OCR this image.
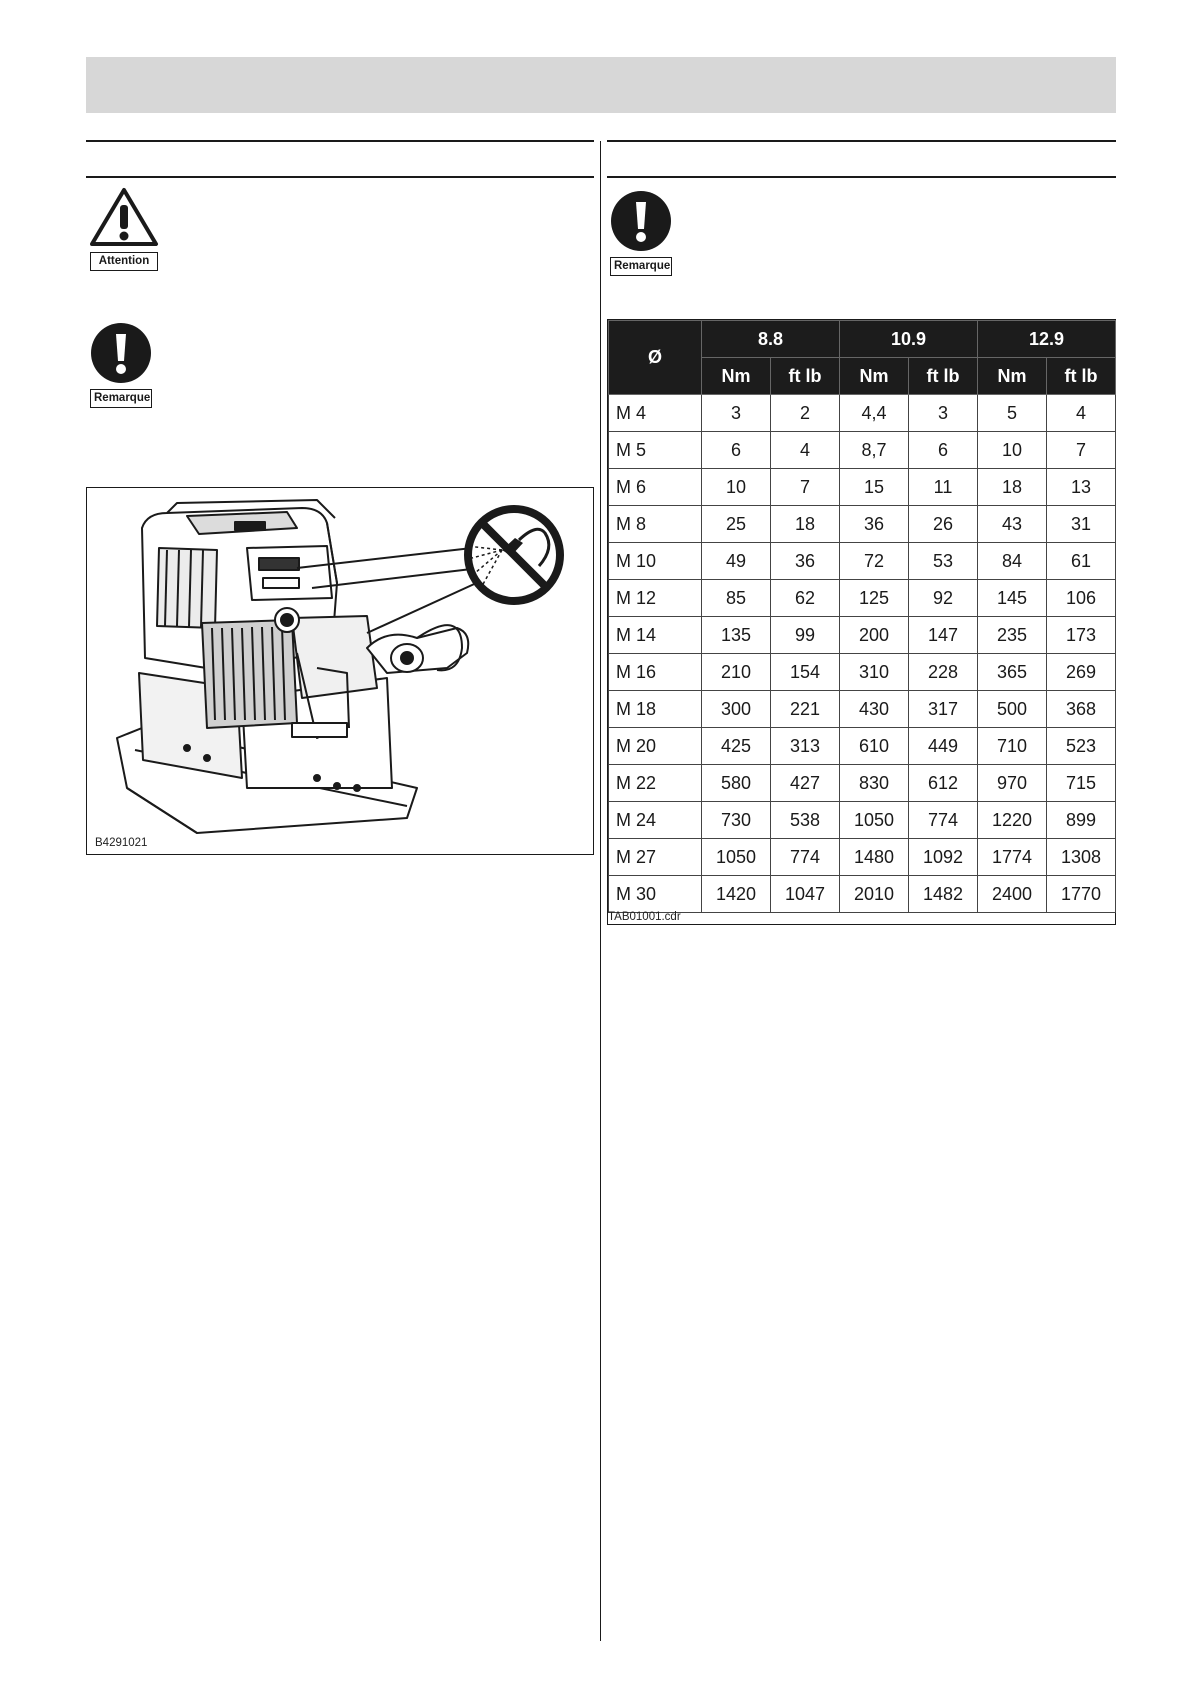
Attention
Remarque
Remarque
B4291021
Ø	8.8		10.9		12.9	
	Nm	ft lb	Nm	ft lb	Nm	ft lb
M 4	3	2	4,4	3	5	4
M 5	6	4	8,7	6	10	7
M 6	10	7	15	11	18	13
M 8	25	18	36	26	43	31
M 10	49	36	72	53	84	61
M 12	85	62	125	92	145	106
M 14	135	99	200	147	235	173
M 16	210	154	310	228	365	269
M 18	300	221	430	317	500	368
M 20	425	313	610	449	710	523
M 22	580	427	830	612	970	715
M 24	730	538	1050	774	1220	899
M 27	1050	774	1480	1092	1774	1308
M 30	1420	1047	2010	1482	2400	1770
TAB01001.cdr
